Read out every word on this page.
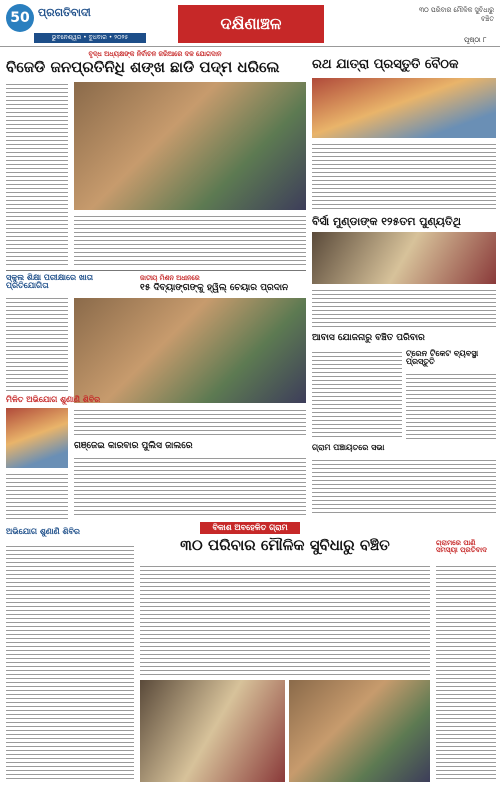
50 ପ୍ରଗତିବାଦୀ
ଭୁବନେଶ୍ୱର • ବୁଧବାର • ୨୦୨୫
ଦକ୍ଷିଣାଞ୍ଚଳ
୩୦ ପରିବାର ମୌଳିକ ସୁବିଧାରୁ ବଞ୍ଚିତ
ପୃଷ୍ଠା ୮
ବୃଦ୍ଧ ଅଧ୍ୟକ୍ଷଙ୍କ ନିର୍ବାଚନ ଜରିଆରେ ଦଳ ଯୋଗଦାନ
ବିଜେଡି ଜନପ୍ରତିନିଧି ଶଙ୍ଖ ଛାଡି ପଦ୍ମ ଧରିଲେ	ରଥ ଯାତ୍ରା ପ୍ରସ୍ତୁତି ବୈଠକ
ବିର୍ସା ମୁଣ୍ଡାଙ୍କ ୧୨୫ତମ ପୁଣ୍ୟତିଥି
ସ୍କୁଲ ଶିକ୍ଷା ପରୀକ୍ଷାରେ ଖାତା ପ୍ରତିଯୋଗିତା
ଜାତୀୟ ମିଶନ ଅଧୀନରେ
୧୫ ଦିବ୍ୟାଙ୍ଗଙ୍କୁ ହ୍ୱିଲ୍ ଚେୟାର ପ୍ରଦାନ
ଆବାସ ଯୋଜନାରୁ ବଞ୍ଚିତ ପରିବାର
ଟ୍ରେନ ଟିକେଟ ବ୍ୟବସ୍ଥା ପ୍ରସ୍ତୁତି
ମିଳିତ ଅଭିଯୋଗ ଶୁଣାଣି ଶିବିର
ଗଞ୍ଜେଇ କାରବାର ପୁଲିସ ଜାଲରେ	ଗ୍ରାମ ପଞ୍ଚାୟତରେ ସଭା
ବିକାଶ ଅବହେଳିତ ଗ୍ରାମ
୩୦ ପରିବାର ମୌଳିକ ସୁବିଧାରୁ ବଞ୍ଚିତ
ଅଭିଯୋଗ ଶୁଣାଣି ଶିବିର
ଗ୍ରାମରେ ପାଣି ସମସ୍ୟା ପ୍ରତିବାଦ
